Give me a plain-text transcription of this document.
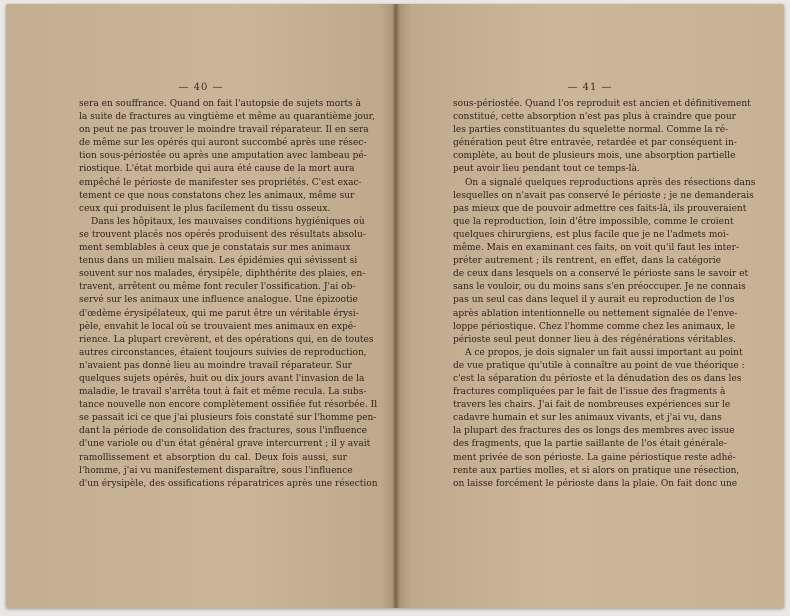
— 40 —
sera en souffrance. Quand on fait l'autopsie de sujets morts à
la suite de fractures au vingtième et même au quarantième jour,
on peut ne pas trouver le moindre travail réparateur. Il en sera
de même sur les opérés qui auront succombé après une résec-
tion sous-périostée ou après une amputation avec lambeau pé-
riostique. L'état morbide qui aura été cause de la mort aura
empêché le périoste de manifester ses propriétés. C'est exac-
tement ce que nous constatons chez les animaux, même sur
ceux qui produisent le plus facilement du tissu osseux.
Dans les hôpitaux, les mauvaises conditions hygiéniques où
se trouvent placés nos opérés produisent des résultats absolu-
ment semblables à ceux que je constatais sur mes animaux
tenus dans un milieu malsain. Les épidémies qui sévissent si
souvent sur nos malades, érysipèle, diphthérite des plaies, en-
travent, arrêtent ou même font reculer l'ossification. J'ai ob-
servé sur les animaux une influence analogue. Une épizootie
d'œdème érysipélateux, qui me parut être un véritable érysi-
pèle, envahit le local où se trouvaient mes animaux en expé-
rience. La plupart crevèrent, et des opérations qui, en de toutes
autres circonstances, étaient toujours suivies de reproduction,
n'avaient pas donné lieu au moindre travail réparateur. Sur
quelques sujets opérés, huit ou dix jours avant l'invasion de la
maladie, le travail s'arrêta tout à fait et même recula. La subs-
tance nouvelle non encore complètement ossifiée fut résorbée. Il
se passait ici ce que j'ai plusieurs fois constaté sur l'homme pen-
dant la période de consolidation des fractures, sous l'influence
d'une variole ou d'un état général grave intercurrent ; il y avait
ramollissement et absorption du cal. Deux fois aussi, sur
l'homme, j'ai vu manifestement disparaître, sous l'influence
d'un érysipèle, des ossifications réparatrices après une résection
— 41 —
sous-périostée. Quand l'os reproduit est ancien et définitivement
constitué, cette absorption n'est pas plus à craindre que pour
les parties constituantes du squelette normal. Comme la ré-
génération peut être entravée, retardée et par conséquent in-
complète, au bout de plusieurs mois, une absorption partielle
peut avoir lieu pendant tout ce temps-là.
On a signalé quelques reproductions après des résections dans
lesquelles on n'avait pas conservé le périoste ; je ne demanderais
pas mieux que de pouvoir admettre ces faits-là, ils prouveraient
que la reproduction, loin d'être impossible, comme le croient
quelques chirurgiens, est plus facile que je ne l'admets moi-
même. Mais en examinant ces faits, on voit qu'il faut les inter-
préter autrement ; ils rentrent, en effet, dans la catégorie
de ceux dans lesquels on a conservé le périoste sans le savoir et
sans le vouloir, ou du moins sans s'en préoccuper. Je ne connais
pas un seul cas dans lequel il y aurait eu reproduction de l'os
après ablation intentionnelle ou nettement signalée de l'enve-
loppe périostique. Chez l'homme comme chez les animaux, le
périoste seul peut donner lieu à des régénérations véritables.
A ce propos, je dois signaler un fait aussi important au point
de vue pratique qu'utile à connaître au point de vue théorique :
c'est la séparation du périoste et la dénudation des os dans les
fractures compliquées par le fait de l'issue des fragments à
travers les chairs. J'ai fait de nombreuses expériences sur le
cadavre humain et sur les animaux vivants, et j'ai vu, dans
la plupart des fractures des os longs des membres avec issue
des fragments, que la partie saillante de l'os était générale-
ment privée de son périoste. La gaine périostique reste adhé-
rente aux parties molles, et si alors on pratique une résection,
on laisse forcément le périoste dans la plaie. On fait donc une
